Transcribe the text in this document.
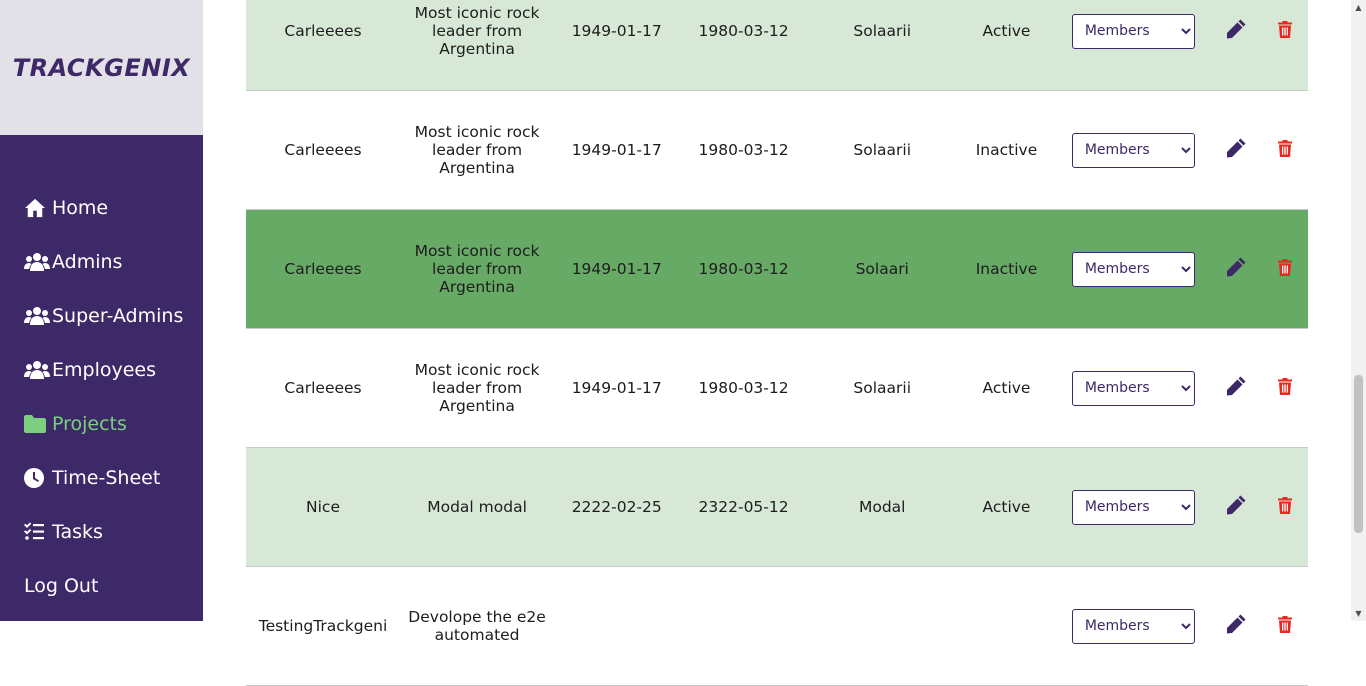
TRACKGENIX
Home
Admins
Super-Admins
Employees
Projects
Time-Sheet
Tasks
Log Out
Carleeees	Most iconic rock leader from Argentina	1949-01-17	1980-03-12	Solaarii	Active	
Members	

Carleeees	Most iconic rock leader from Argentina	1949-01-17	1980-03-12	Solaarii	Inactive	
Members	

Carleeees	Most iconic rock leader from Argentina	1949-01-17	1980-03-12	Solaari	Inactive	
Members	

Carleeees	Most iconic rock leader from Argentina	1949-01-17	1980-03-12	Solaarii	Active	
Members	

Nice	Modal modal	2222-02-25	2322-05-12	Modal	Active	
Members	

TestingTrackgeni	Devolope the e2e automated					
Members	

▲
▼
